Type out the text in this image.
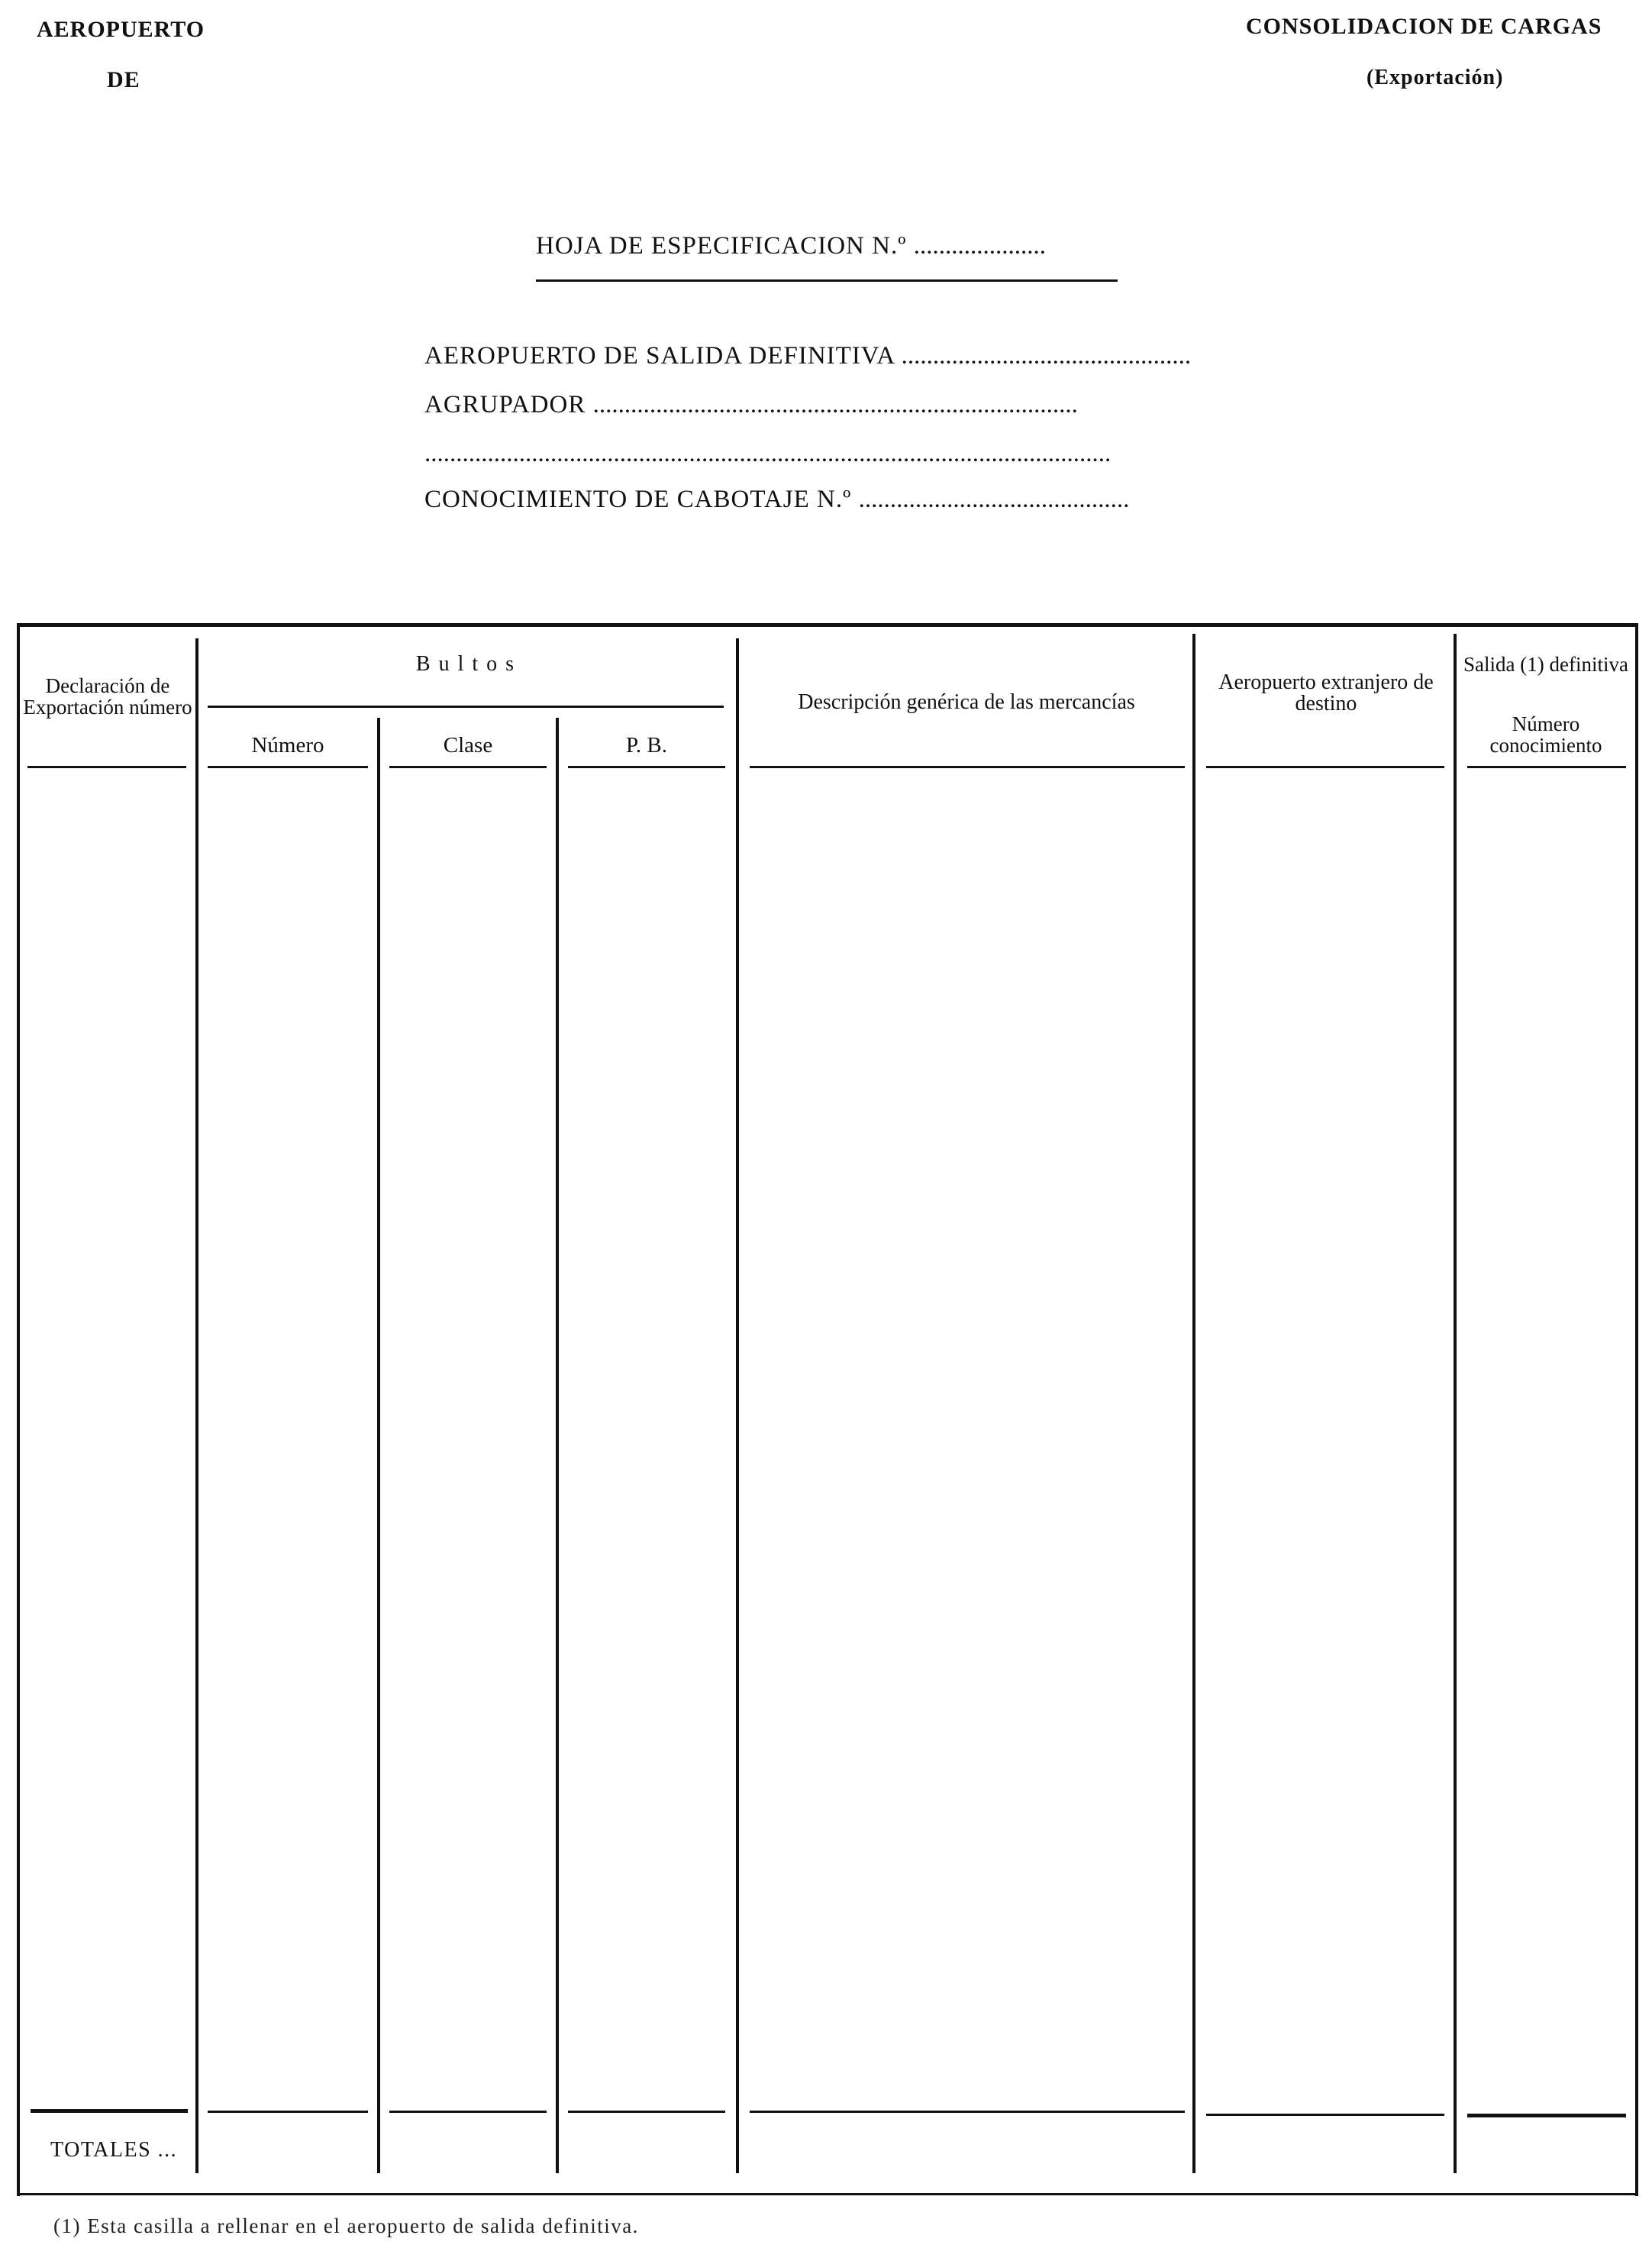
AEROPUERTO
DE
CONSOLIDACION DE CARGAS
(Exportación)
HOJA DE ESPECIFICACION N.º .....................
AEROPUERTO DE SALIDA DEFINITIVA ..............................................
AGRUPADOR .............................................................................
.............................................................................................................
CONOCIMIENTO DE CABOTAJE N.º ...........................................
Declaración de Exportación número
B u l t o s
Número	Clase	P. B.
Descripción genérica de las mercancías
Aeropuerto extranjero de destino
Salida (1) definitiva
Número conocimiento
TOTALES ...
(1) Esta casilla a rellenar en el aeropuerto de salida definitiva.
